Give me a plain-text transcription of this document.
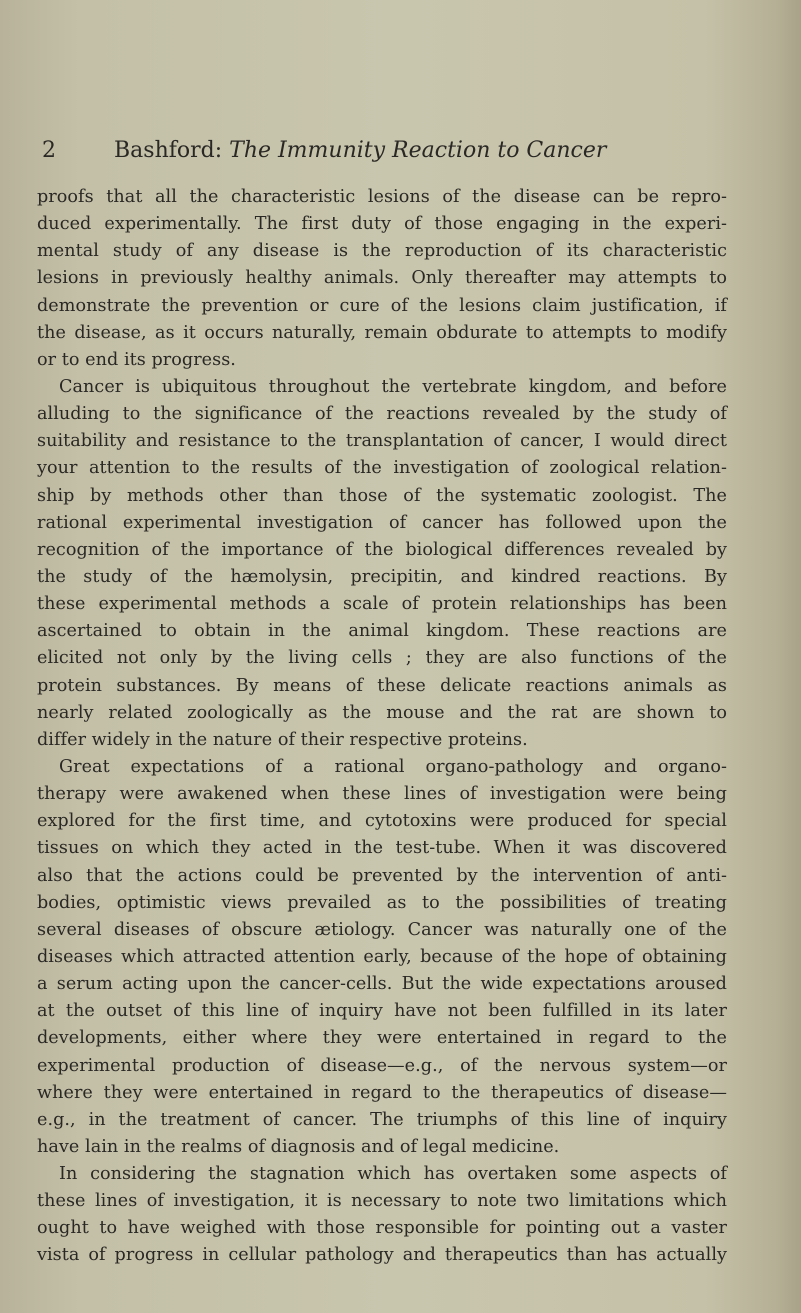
2	Bashford: The Immunity Reaction to Cancer
proofs that all the characteristic lesions of the disease can be repro-
duced experimentally. The first duty of those engaging in the experi-
mental study of any disease is the reproduction of its characteristic
lesions in previously healthy animals. Only thereafter may attempts to
demonstrate the prevention or cure of the lesions claim justification, if
the disease, as it occurs naturally, remain obdurate to attempts to modify
or to end its progress.
Cancer is ubiquitous throughout the vertebrate kingdom, and before
alluding to the significance of the reactions revealed by the study of
suitability and resistance to the transplantation of cancer, I would direct
your attention to the results of the investigation of zoological relation-
ship by methods other than those of the systematic zoologist. The
rational experimental investigation of cancer has followed upon the
recognition of the importance of the biological differences revealed by
the study of the hæmolysin, precipitin, and kindred reactions. By
these experimental methods a scale of protein relationships has been
ascertained to obtain in the animal kingdom. These reactions are
elicited not only by the living cells ; they are also functions of the
protein substances. By means of these delicate reactions animals as
nearly related zoologically as the mouse and the rat are shown to
differ widely in the nature of their respective proteins.
Great expectations of a rational organo-pathology and organo-
therapy were awakened when these lines of investigation were being
explored for the first time, and cytotoxins were produced for special
tissues on which they acted in the test-tube. When it was discovered
also that the actions could be prevented by the intervention of anti-
bodies, optimistic views prevailed as to the possibilities of treating
several diseases of obscure ætiology. Cancer was naturally one of the
diseases which attracted attention early, because of the hope of obtaining
a serum acting upon the cancer-cells. But the wide expectations aroused
at the outset of this line of inquiry have not been fulfilled in its later
developments, either where they were entertained in regard to the
experimental production of disease—e.g., of the nervous system—or
where they were entertained in regard to the therapeutics of disease—
e.g., in the treatment of cancer. The triumphs of this line of inquiry
have lain in the realms of diagnosis and of legal medicine.
In considering the stagnation which has overtaken some aspects of
these lines of investigation, it is necessary to note two limitations which
ought to have weighed with those responsible for pointing out a vaster
vista of progress in cellular pathology and therapeutics than has actually
